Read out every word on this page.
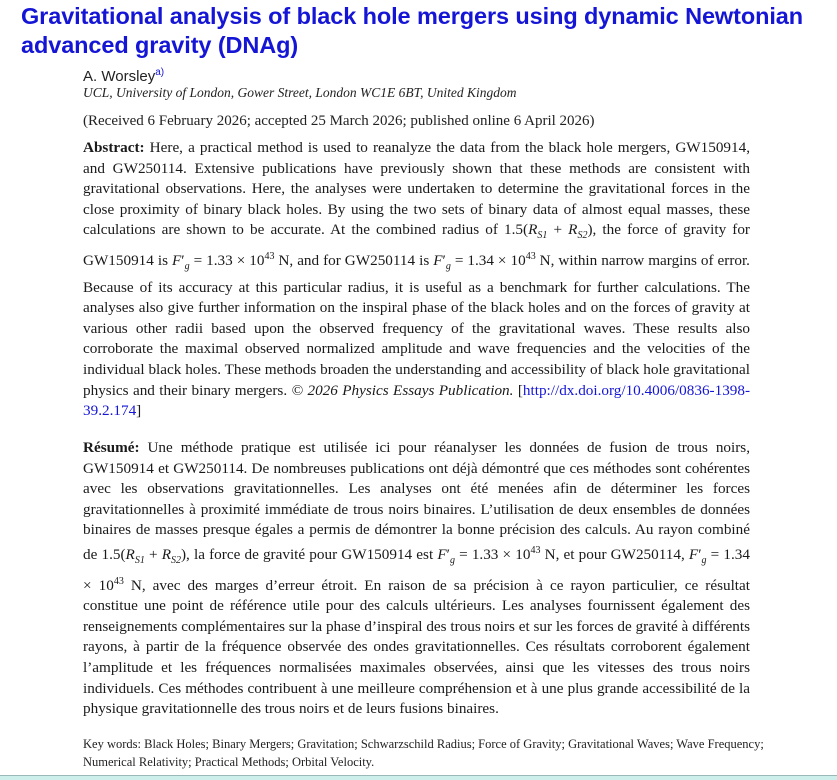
Gravitational analysis of black hole mergers using dynamic Newtonian advanced gravity (DNAg)
A. Worsley$^{a)}$
UCL, University of London, Gower Street, London WC1E 6BT, United Kingdom
(Received 6 February 2026; accepted 25 March 2026; published online 6 April 2026)

Abstract: Here, a practical method is used to reanalyze the data from the black hole mergers, GW150914, and GW250114. Extensive publications have previously shown that these methods are consistent with gravitational observations. Here, the analyses were undertaken to determine the gravitational forces in the close proximity of binary black holes. By using the two sets of binary data of almost equal masses, these calculations are shown to be accurate. At the combined radius of $1.5(R_{S1} + R_{S2})$, the force of gravity for GW150914 is $F'_g = 1.33 \times 10^{43}$ N, and for GW250114 is $F'_g = 1.34 \times 10^{43}$ N, within narrow margins of error. Because of its accuracy at this particular radius, it is useful as a benchmark for further calculations. The analyses also give further information on the inspiral phase of the black holes and on the forces of gravity at various other radii based upon the observed frequency of the gravitational waves. These results also corroborate the maximal observed normalized amplitude and wave frequencies and the velocities of the individual black holes. These methods broaden the understanding and accessibility of black hole gravitational physics and their binary mergers. © 2026 Physics Essays Publication. [http://dx.doi.org/10.4006/0836-1398-39.2.174]

Résumé: Une méthode pratique est utilisée ici pour réanalyser les données de fusion de trous noirs, GW150914 et GW250114. De nombreuses publications ont déjà démontré que ces méthodes sont cohérentes avec les observations gravitationnelles. Les analyses ont été menées afin de déterminer les forces gravitationnelles à proximité immédiate de trous noirs binaires. L’utilisation de deux ensembles de données binaires de masses presque égales a permis de démontrer la bonne précision des calculs. Au rayon combiné de $1.5(R_{S1} + R_{S2})$, la force de gravité pour GW150914 est $F'_g = 1.33 \times 10^{43}$ N, et pour GW250114, $F'_g = 1.34 \times 10^{43}$ N, avec des marges d’erreur étroit. En raison de sa précision à ce rayon particulier, ce résultat constitue une point de référence utile pour des calculs ultérieurs. Les analyses fournissent également des renseignements complémentaires sur la phase d’inspiral des trous noirs et sur les forces de gravité à différents rayons, à partir de la fréquence observée des ondes gravitationnelles. Ces résultats corroborent également l’amplitude et les fréquences normalisées maximales observées, ainsi que les vitesses des trous noirs individuels. Ces méthodes contribuent à une meilleure compréhension et à une plus grande accessibilité de la physique gravitationnelle des trous noirs et de leurs fusions binaires.

Key words: Black Holes; Binary Mergers; Gravitation; Schwarzschild Radius; Force of Gravity; Gravitational Waves; Wave Frequency; Numerical Relativity; Practical Methods; Orbital Velocity.
